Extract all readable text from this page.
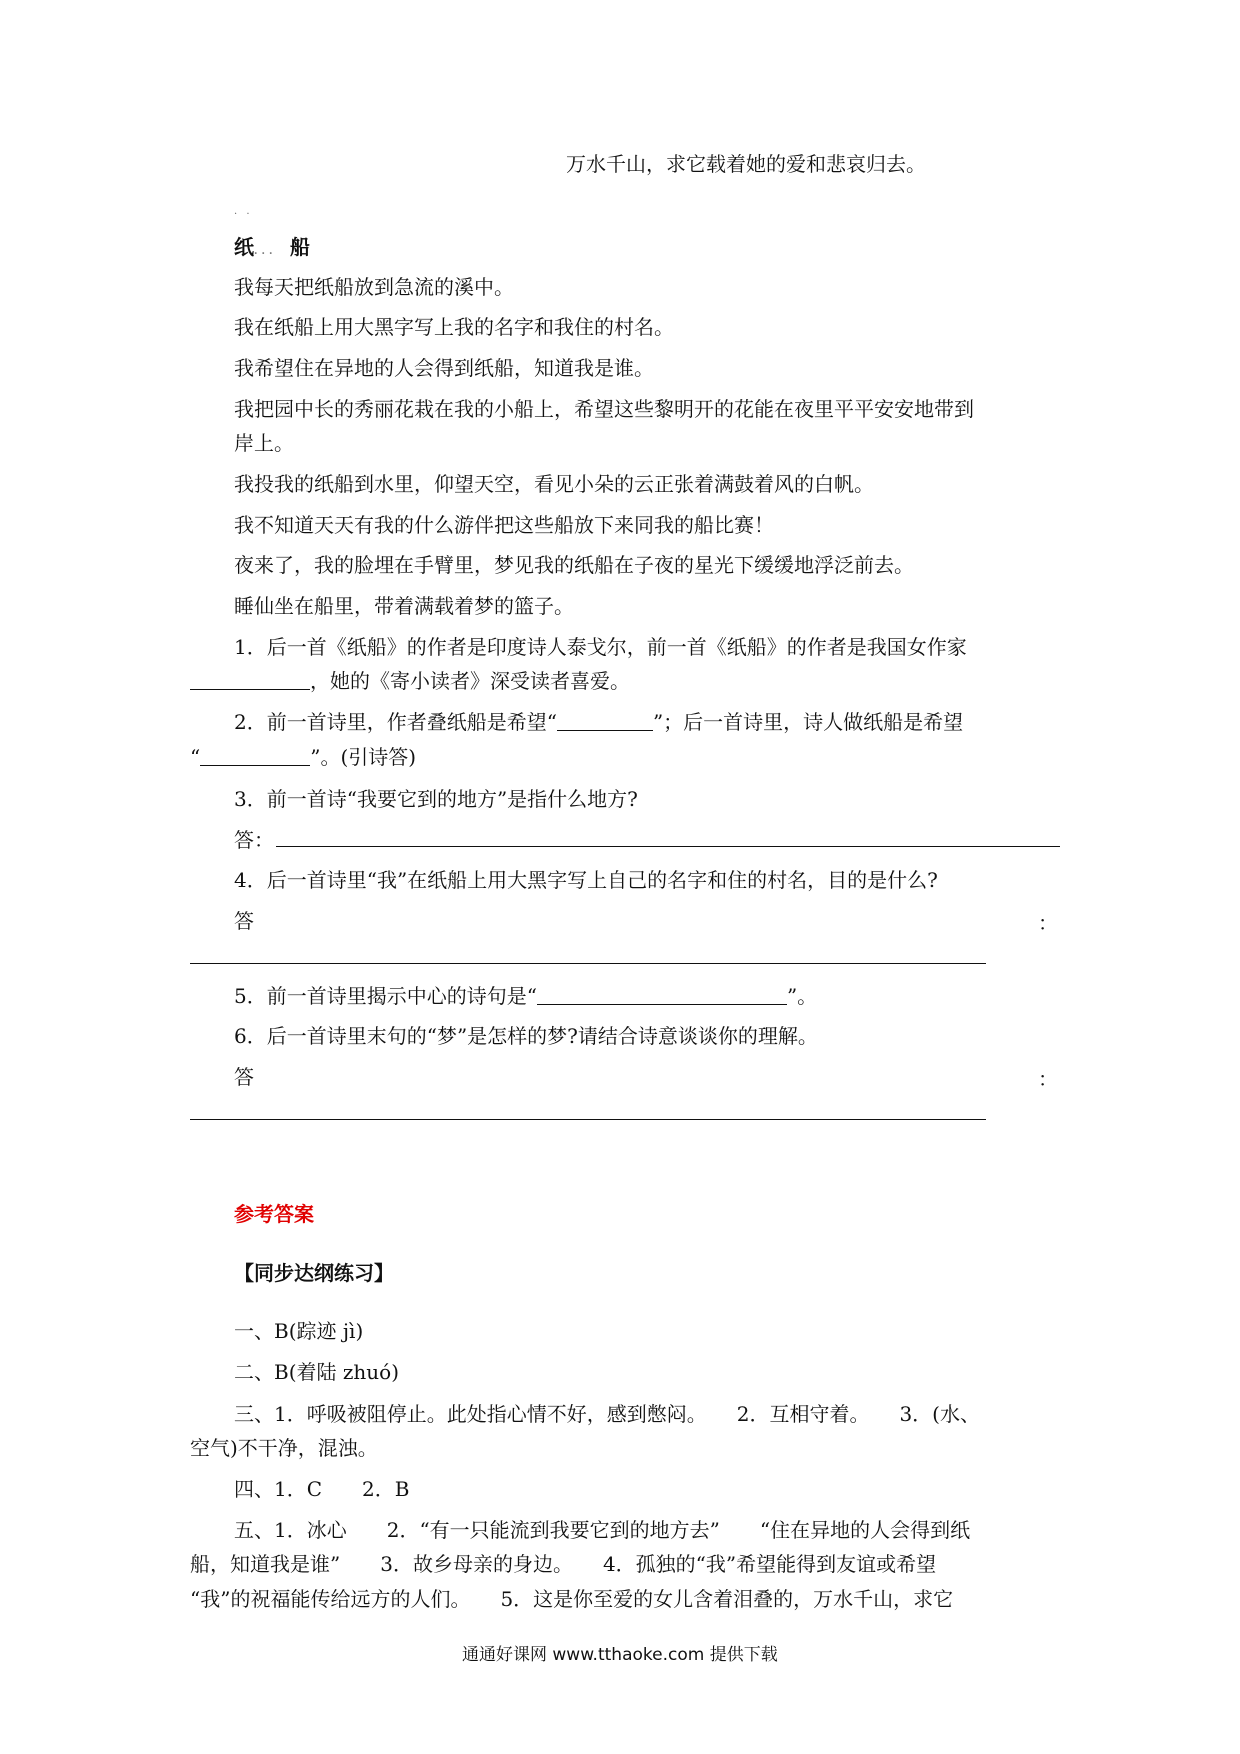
万水千山，求它载着她的爱和悲哀归去。
. .
纸... 船
我每天把纸船放到急流的溪中。
我在纸船上用大黑字写上我的名字和我住的村名。
我希望住在异地的人会得到纸船，知道我是谁。
我把园中长的秀丽花栽在我的小船上，希望这些黎明开的花能在夜里平平安安地带到
岸上。
我投我的纸船到水里，仰望天空，看见小朵的云正张着满鼓着风的白帆。
我不知道天天有我的什么游伴把这些船放下来同我的船比赛！
夜来了，我的脸埋在手臂里，梦见我的纸船在子夜的星光下缓缓地浮泛前去。
睡仙坐在船里，带着满载着梦的篮子。
1．后一首《纸船》的作者是印度诗人泰戈尔，前一首《纸船》的作者是我国女作家
，她的《寄小读者》深受读者喜爱。
2．前一首诗里，作者叠纸船是希望“	”；后一首诗里，诗人做纸船是希望
“	”。(引诗答)
3．前一首诗“我要它到的地方”是指什么地方?
答：
4．后一首诗里“我”在纸船上用大黑字写上自己的名字和住的村名，目的是什么?
答	：
5．前一首诗里揭示中心的诗句是“	”。
6．后一首诗里末句的“梦”是怎样的梦?请结合诗意谈谈你的理解。
答	：
参考答案
【同步达纲练习】
一、B(踪迹 jì)
二、B(着陆 zhuó)
三、1．呼吸被阻停止。此处指心情不好，感到憋闷。　　2．互相守着。　　3．(水、
空气)不干净，混浊。
四、1．C　　2．B
五、1．冰心　　2．“有一只能流到我要它到的地方去”　　“住在异地的人会得到纸
船，知道我是谁”　　3．故乡母亲的身边。　　4．孤独的“我”希望能得到友谊或希望
“我”的祝福能传给远方的人们。　　5．这是你至爱的女儿含着泪叠的，万水千山，求它
通通好课网 www.tthaoke.com 提供下载
